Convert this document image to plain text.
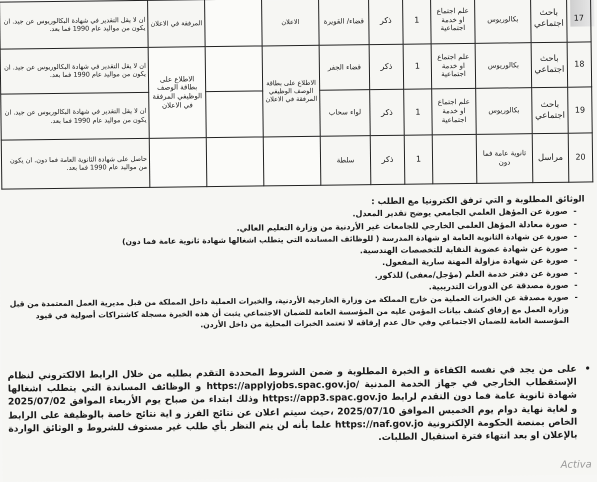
ان لا يقل التقدير في شهادة البكالوريوس عن جيد. ان يكون من مواليد عام 1990 فما بعد.	المرفقة في الاعلان		الاعلان	قضاء/ القويرة	ذكر	1	علم اجتماع او خدمة اجتماعية	بكالوريوس	باحث اجتماعي	17
ان لا يقل التقدير في شهادة البكالوريوس عن جيد. ان يكون من مواليد عام 1990 فما بعد.	الاطلاع على بطاقة الوصف الوظيفي المرفقة في الاعلان		الاطلاع على بطاقة الوصف الوظيفي المرفقة في الاعلان	قضاء الجفر	ذكر	1	علم اجتماع او خدمة اجتماعية	بكالوريوس	باحث اجتماعي	18
ان لا يقل التقدير في شهادة البكالوريوس عن جيد. ان يكون من مواليد عام 1990 فما بعد.				لواء سحاب	ذكر	1	علم اجتماع او خدمة اجتماعية	بكالوريوس	باحث اجتماعي	19
حاصل على شهادة الثانوية العامة فما دون. ان يكون من مواليد عام 1990 فما بعد.				سلطة	ذكر	1		ثانوية عامة فما دون	مراسل	20
الوثائق المطلوبة و التي ترفق الكترونيا مع الطلب :
- صورة عن المؤهل العلمي الجامعي يوضح تقدير المعدل.
- صورة معادلة المؤهل العلمي الخارجي للجامعات غير الأردنية من وزارة التعليم العالي.
- صورة عن شهادة الثانوية العامة او شهادة المدرسة ( للوظائف المساندة التي يتطلب اشغالها شهادة ثانوية عامة فما دون)
- صورة عن شهادة عضوية النقابة للتخصصات الهندسية.
- صورة عن شهادة مزاولة المهنة سارية المفعول.
- صورة عن دفتر خدمة العلم (مؤجل/معفى) للذكور.
- صورة مصدقة عن الدورات التدريبية.
- صورة مصدقة عن الخبرات العملية من خارج المملكة من وزارة الخارجية الأردنية، والخبرات العملية داخل المملكة من قبل مديرية العمل المعتمدة من قبل وزارة العمل مع إرفاق كشف بيانات المؤمن عليه من المؤسسة العامة للضمان الاجتماعي يثبت أن هذه الخبرة مسجلة كاشتراكات أصولية في قيود المؤسسة العامة للضمان الاجتماعي وفي حال عدم إرفاقه لا تعتمد الخبرات المحلية من داخل الأردن.
•

على من يجد في نفسه الكفاءة و الخبرة المطلوبة و ضمن الشروط المحددة التقدم بطلبه من خلال الرابط الالكتروني لنظام الإستقطاب الخارجي في جهاز الخدمة المدنية https://applyjobs.spac.gov.jo/ و الوظائف المساندة التي يتطلب اشغالها شهادة ثانوية عامة فما دون التقدم لرابط https://app3.spac.gov.jo وذلك ابتداء من صباح يوم الأربعاء الموافق 2025/07/02 و لغاية نهاية دوام يوم الخميس الموافق 2025/07/10 ،حيث سيتم اعلان عن نتائج الفرز و اية نتائج خاصة بالوظيفة على الرابط الخاص بمنصة الحكومة الإلكترونية https://naf.gov.jo علما بأنه لن يتم النظر بأي طلب غير مستوف للشروط و الوثائق الواردة بالإعلان او بعد انتهاء فترة استقبال الطلبات.

Activa
